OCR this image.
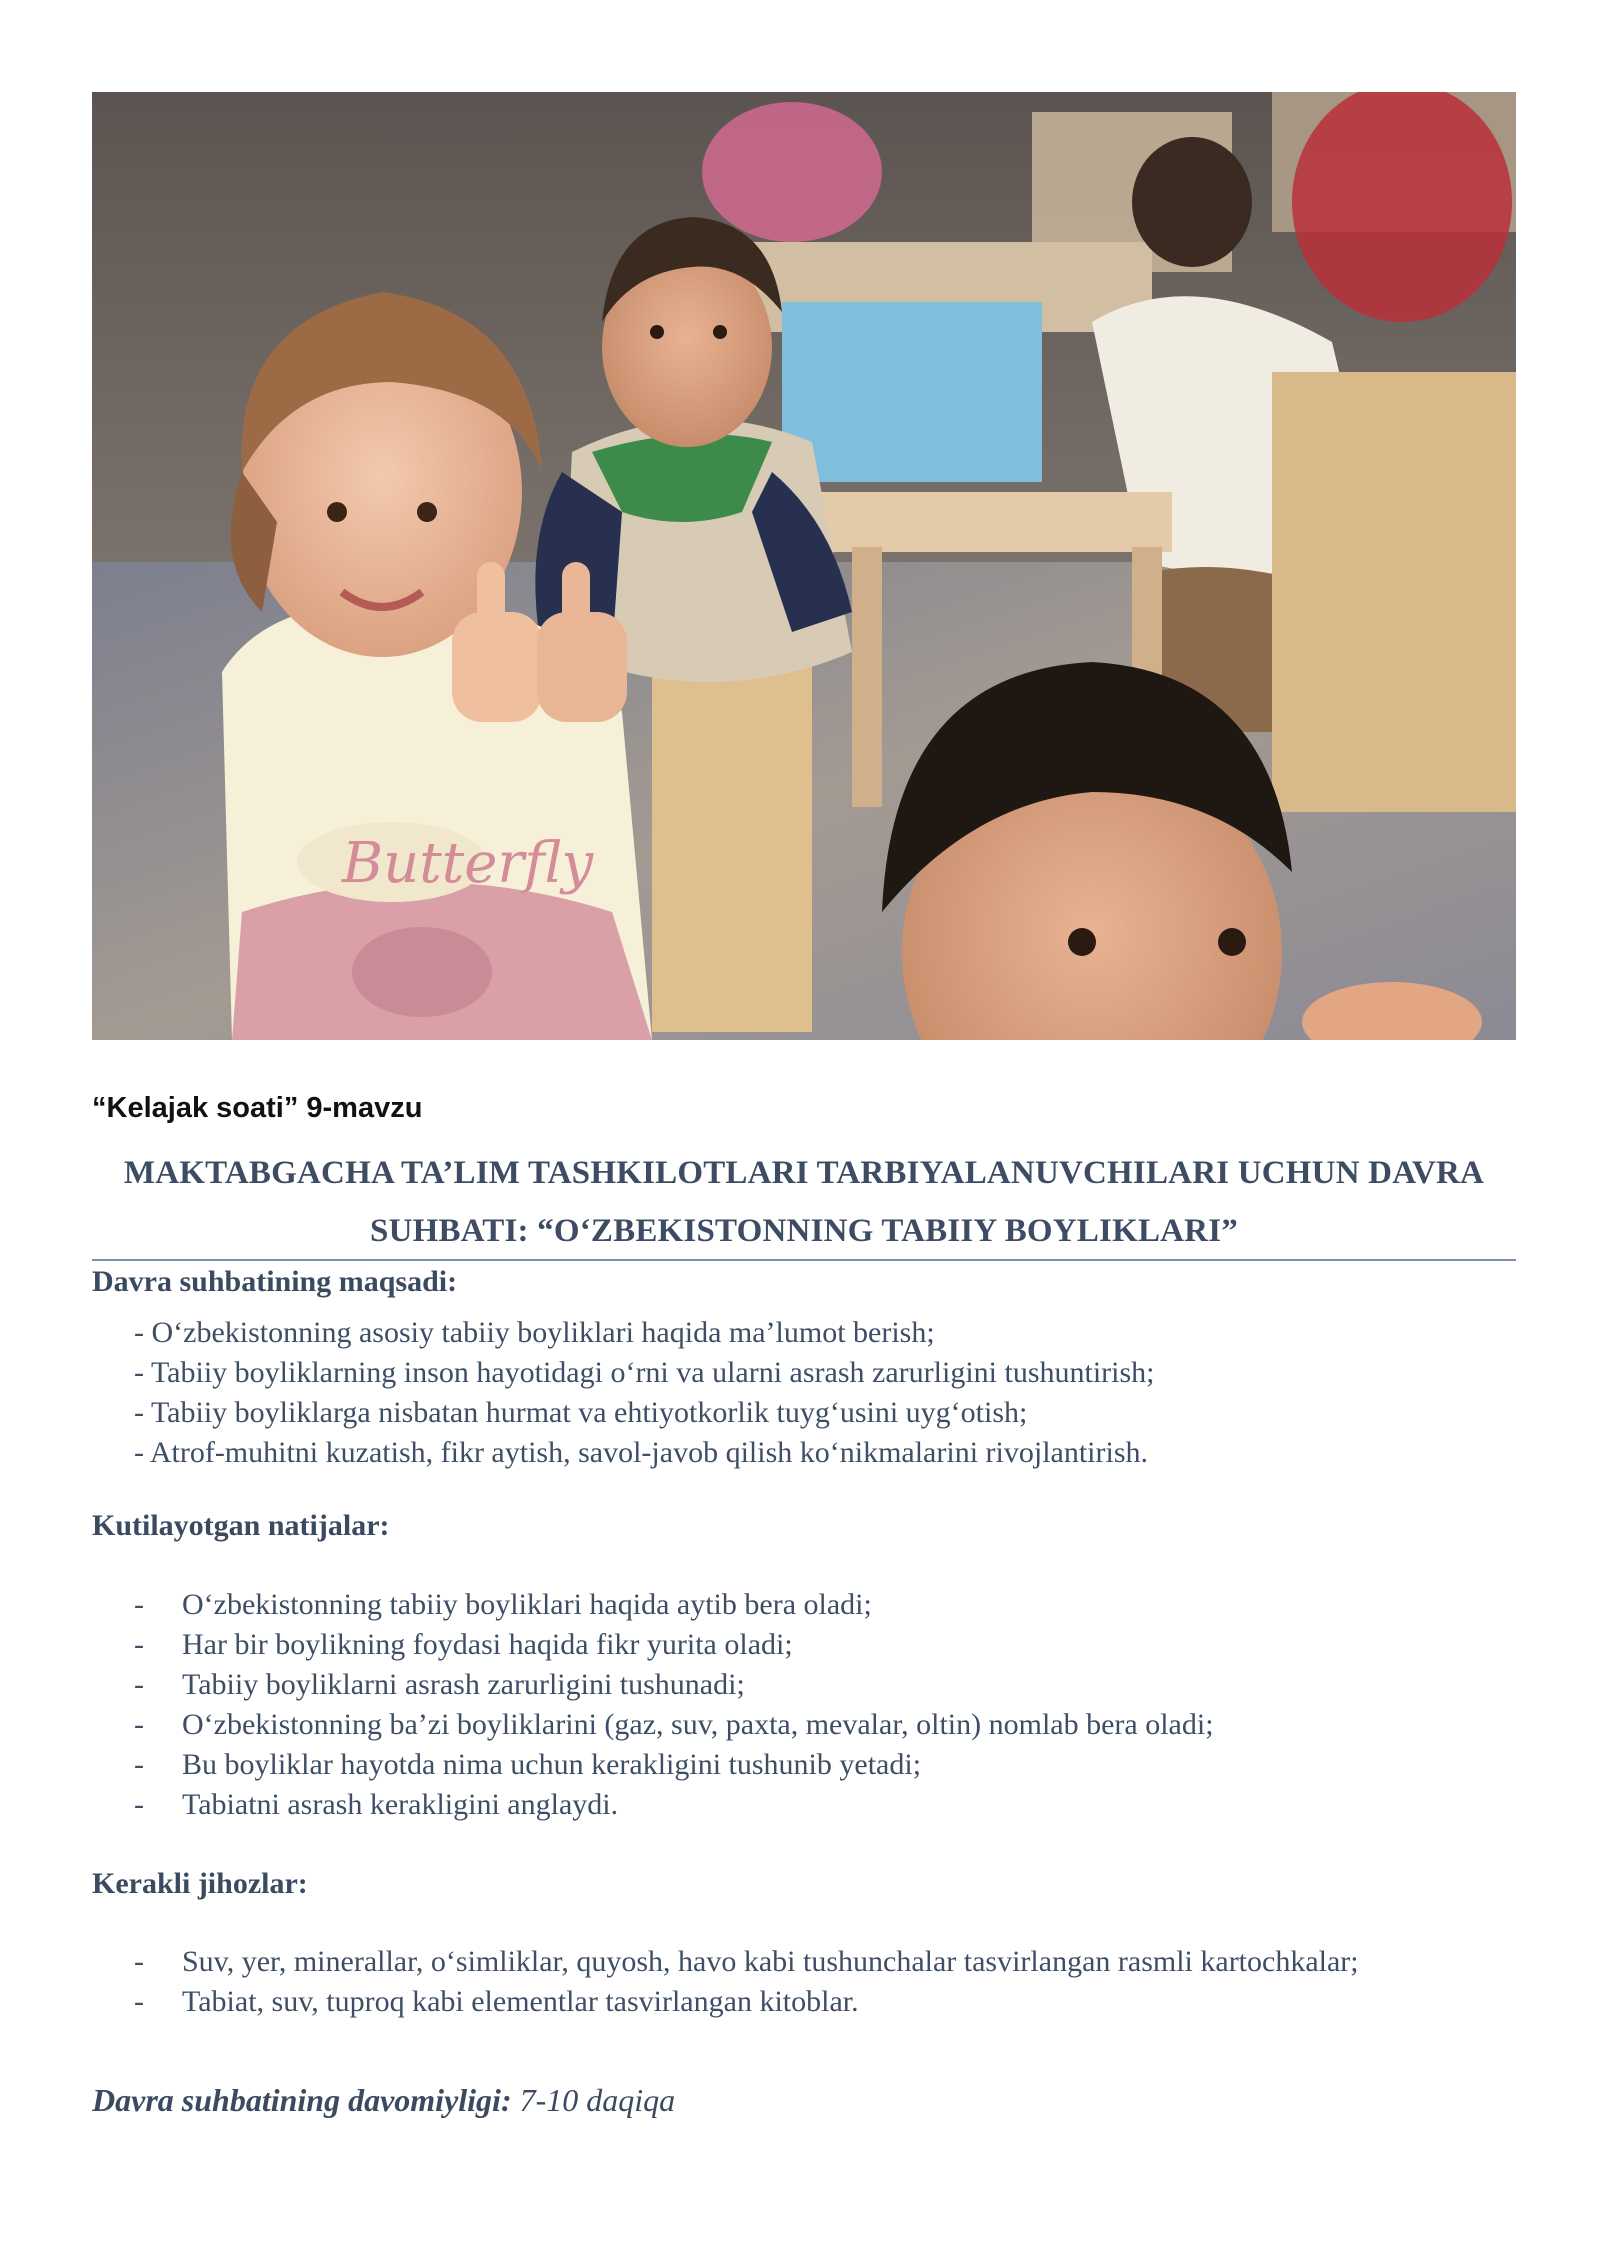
Butterfly

“Kelajak soati” 9-mavzu

MAKTABGACHA TA’LIM TASHKILOTLARI TARBIYALANUVCHILARI UCHUN DAVRA
SUHBATI: “O‘ZBEKISTONNING TABIIY BOYLIKLARI”
Davra suhbatining maqsadi:
- O‘zbekistonning asosiy tabiiy boyliklari haqida ma’lumot berish;
- Tabiiy boyliklarning inson hayotidagi o‘rni va ularni asrash zarurligini tushuntirish;
- Tabiiy boyliklarga nisbatan hurmat va ehtiyotkorlik tuyg‘usini uyg‘otish;
- Atrof-muhitni kuzatish, fikr aytish, savol-javob qilish ko‘nikmalarini rivojlantirish.
Kutilayotgan natijalar:
- O‘zbekistonning tabiiy boyliklari haqida aytib bera oladi;
- Har bir boylikning foydasi haqida fikr yurita oladi;
- Tabiiy boyliklarni asrash zarurligini tushunadi;
- O‘zbekistonning ba’zi boyliklarini (gaz, suv, paxta, mevalar, oltin) nomlab bera oladi;
- Bu boyliklar hayotda nima uchun kerakligini tushunib yetadi;
- Tabiatni asrash kerakligini anglaydi.
Kerakli jihozlar:
- Suv, yer, minerallar, o‘simliklar, quyosh, havo kabi tushunchalar tasvirlangan rasmli kartochkalar;
- Tabiat, suv, tuproq kabi elementlar tasvirlangan kitoblar.

Davra suhbatining davomiyligi: 7-10 daqiqa
